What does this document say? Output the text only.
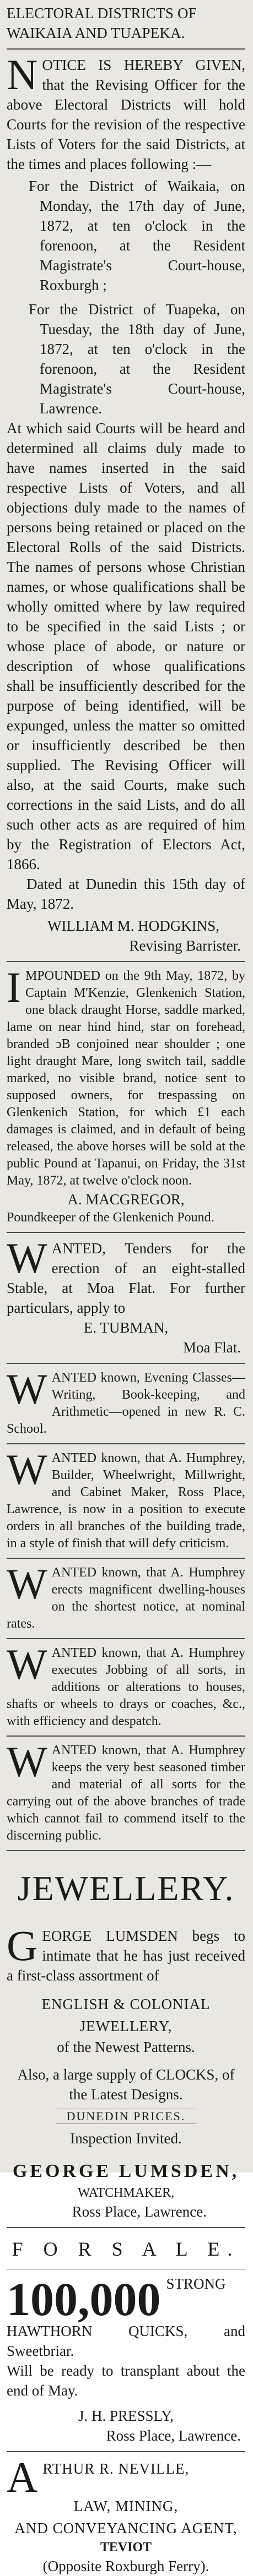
ELECTORAL DISTRICTS OF WAIKAIA AND TUAPEKA.

N OTICE IS HEREBY GIVEN, that the Revising Officer for the above Electoral Districts will hold Courts for the revision of the respective Lists of Voters for the said Districts, at the times and places following :—

For the District of Waikaia, on Monday, the 17th day of June, 1872, at ten o'clock in the forenoon, at the Resident Magistrate's Court-house, Roxburgh ;

For the District of Tuapeka, on Tuesday, the 18th day of June, 1872, at ten o'clock in the forenoon, at the Resident Magistrate's Court-house, Lawrence.

At which said Courts will be heard and determined all claims duly made to have names inserted in the said respective Lists of Voters, and all objections duly made to the names of persons being retained or placed on the Electoral Rolls of the said Districts. The names of persons whose Christian names, or whose qualifications shall be wholly omitted where by law required to be specified in the said Lists ; or whose place of abode, or nature or description of whose qualifications shall be insufficiently described for the purpose of being identified, will be expunged, unless the matter so omitted or insufficiently described be then supplied. The Revising Officer will also, at the said Courts, make such corrections in the said Lists, and do all such other acts as are required of him by the Registration of Electors Act, 1866.

Dated at Dunedin this 15th day of May, 1872.

WILLIAM M. HODGKINS,

Revising Barrister.

I MPOUNDED on the 9th May, 1872, by Captain M'Kenzie, Glenkenich Station, one black draught Horse, saddle marked, lame on near hind hind, star on forehead, branded ↄB conjoined near shoulder ; one light draught Mare, long switch tail, saddle marked, no visible brand, notice sent to supposed owners, for trespassing on Glenkenich Station, for which £1 each damages is claimed, and in default of being released, the above horses will be sold at the public Pound at Tapanui, on Friday, the 31st May, 1872, at twelve o'clock noon.

A. MACGREGOR,

Poundkeeper of the Glenkenich Pound.

W ANTED, Tenders for the erection of an eight-stalled Stable, at Moa Flat. For further particulars, apply to

E. TUBMAN,

Moa Flat.

W ANTED known, Evening Classes—Writing, Book-keeping, and Arithmetic—opened in new R. C. School.

W ANTED known, that A. Humphrey, Builder, Wheelwright, Millwright, and Cabinet Maker, Ross Place, Lawrence, is now in a position to execute orders in all branches of the building trade, in a style of finish that will defy criticism.

W ANTED known, that A. Humphrey erects magnificent dwelling-houses on the shortest notice, at nominal rates.

W ANTED known, that A. Humphrey executes Jobbing of all sorts, in additions or alterations to houses, shafts or wheels to drays or coaches, &c., with efficiency and despatch.

W ANTED known, that A. Humphrey keeps the very best seasoned timber and material of all sorts for the carrying out of the above branches of trade which cannot fail to commend itself to the discerning public.

JEWELLERY.

G EORGE LUMSDEN begs to intimate that he has just received a first-class assortment of

ENGLISH & COLONIAL JEWELLERY,

of the Newest Patterns.

Also, a large supply of CLOCKS, of the Latest Designs.

DUNEDIN PRICES.

Inspection Invited.

GEORGE LUMSDEN,

WATCHMAKER,

Ross Place, Lawrence.

F O R S A L E.

100,000 STRONG HAWTHORN QUICKS, and Sweetbriar.

Will be ready to transplant about the end of May.

J. H. PRESSLY,

Ross Place, Lawrence.

A RTHUR R. NEVILLE,

LAW, MINING,

AND CONVEYANCING AGENT,

TEVIOT

(Opposite Roxburgh Ferry).
